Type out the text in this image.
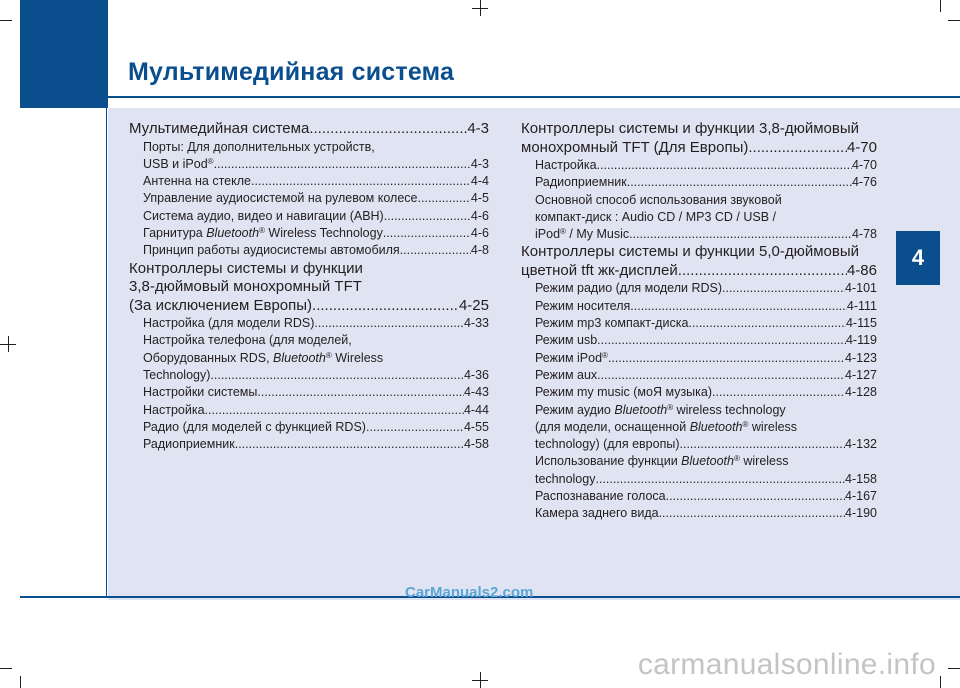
Мультимедийная система
4
CarManuals2.com
carmanualsonline.info
Мультимедийная система .....	4-3
Порты: Для дополнительных устройств,
USB и iPod® .....	4-3
Антенна на стекле .....	4-4
Управление аудиосистемой на рулевом колесе .....	4-5
Система аудио, видео и навигации (АВН) .....	4-6
Гарнитура Bluetooth® Wireless Technology .....	4-6
Принцип работы аудиосистемы автомобиля .....	4-8
Контроллеры системы и функции
3,8-дюймовый монохромный TFT
(За исключением Европы) .....	4-25
Настройка (для модели RDS) .....	4-33
Настройка телефона (для моделей,
Оборудованных RDS, Bluetooth® Wireless
Technology) .....	4-36
Настройки системы .....	4-43
Настройка .....	4-44
Радио (для моделей с функцией RDS) .....	4-55
Радиоприемник .....	4-58
Контроллеры системы и функции 3,8-дюймовый
монохромный TFT (Для Европы) .....	4-70
Настройка .....	4-70
Радиоприемник .....	4-76
Основной способ использования звуковой
компакт-диск : Audio CD / MP3 CD / USB /
iPod® / My Music .....	4-78
Контроллеры системы и функции 5,0-дюймовый
цветной tft жк-дисплей .....	4-86
Режим радио (для модели RDS) .....	4-101
Режим носителя .....	4-111
Режим mp3 компакт-диска .....	4-115
Режим usb .....	4-119
Режим iPod® .....	4-123
Режим aux .....	4-127
Режим my music (моЯ музыка) .....	4-128
Режим аудио Bluetooth® wireless technology
(для модели, оснащенной Bluetooth® wireless
technology) (для европы) .....	4-132
Использование функции Bluetooth® wireless
technology .....	4-158
Распознавание голоса .....	4-167
Камера заднего вида .....	4-190
